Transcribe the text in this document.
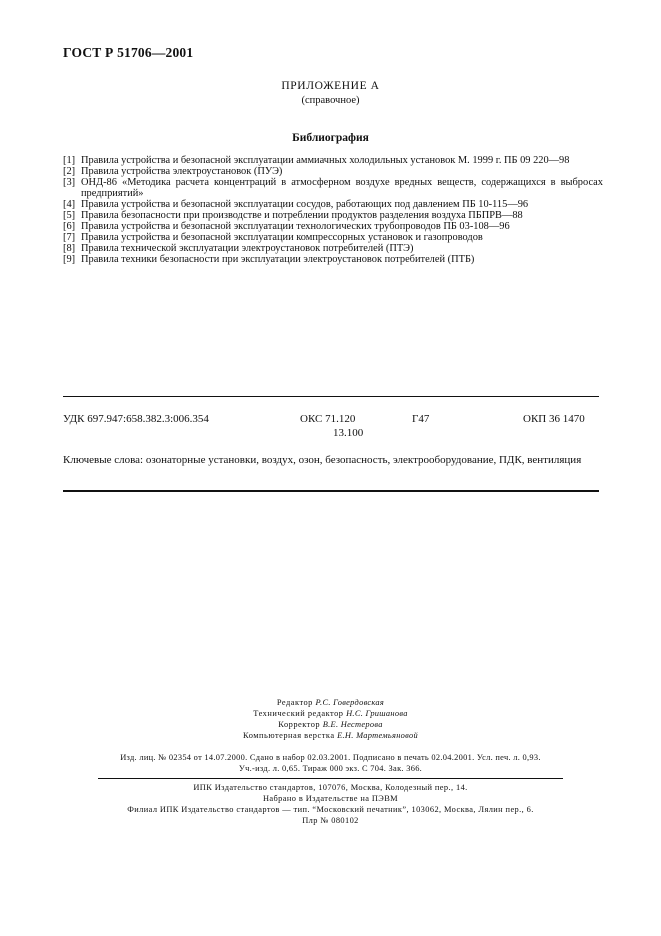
ГОСТ Р 51706—2001
ПРИЛОЖЕНИЕ А
(справочное)
Библиография
[1] Правила устройства и безопасной эксплуатации аммиачных холодильных установок М. 1999 г. ПБ 09 220—98
[2] Правила устройства электроустановок (ПУЭ)
[3] ОНД-86 «Методика расчета концентраций в атмосферном воздухе вредных веществ, содержащихся в выбросах предприятий»
[4] Правила устройства и безопасной эксплуатации сосудов, работающих под давлением ПБ 10-115—96
[5] Правила безопасности при производстве и потреблении продуктов разделения воздуха ПБПРВ—88
[6] Правила устройства и безопасной эксплуатации технологических трубопроводов ПБ 03-108—96
[7] Правила устройства и безопасной эксплуатации компрессорных установок и газопроводов
[8] Правила технической эксплуатации электроустановок потребителей (ПТЭ)
[9] Правила техники безопасности при эксплуатации электроустановок потребителей (ПТБ)
УДК 697.947:658.382.3:006.354	ОКС 71.120
13.100
Г47	ОКП 36 1470
Ключевые слова: озонаторные установки, воздух, озон, безопасность, электрооборудование, ПДК, вентиляция
Редактор Р.С. Говердовская
Технический редактор Н.С. Гришанова
Корректор В.Е. Нестерова
Компьютерная верстка Е.Н. Мартемьяновой
Изд. лиц. № 02354 от 14.07.2000. Сдано в набор 02.03.2001. Подписано в печать 02.04.2001. Усл. печ. л. 0,93.
Уч.-изд. л. 0,65. Тираж 000 экз. С 704. Зак. 366.
ИПК Издательство стандартов, 107076, Москва, Колодезный пер., 14.
Набрано в Издательстве на ПЭВМ
Филиал ИПК Издательство стандартов — тип. “Московский печатник”, 103062, Москва, Лялин пер., 6.
Плр № 080102
